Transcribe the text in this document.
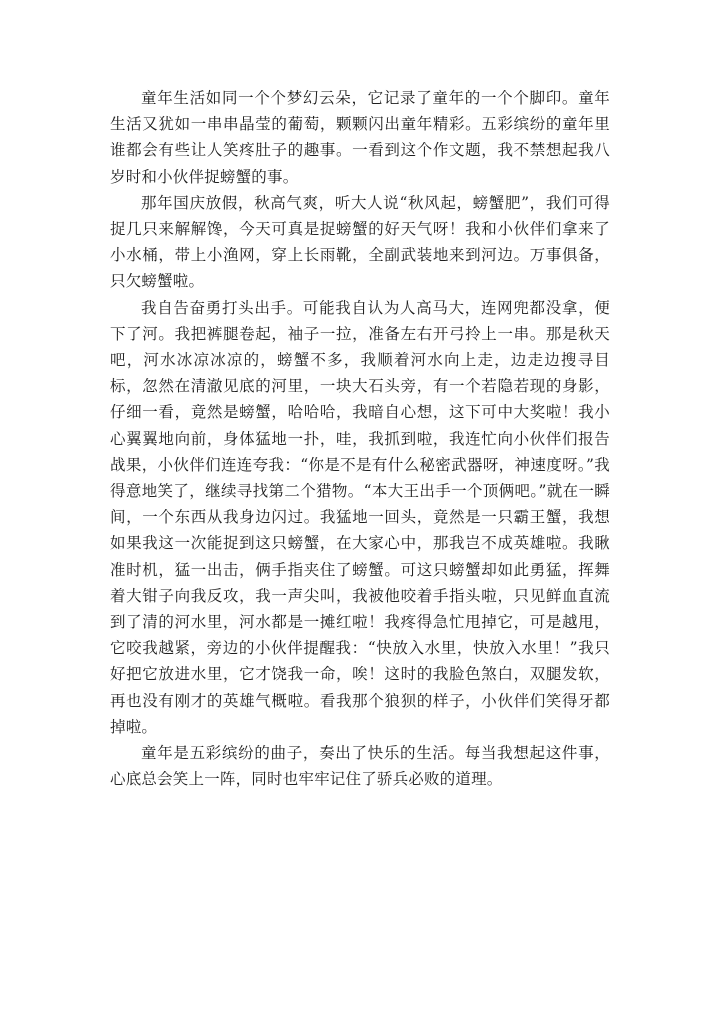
童年生活如同一个个梦幻云朵，它记录了童年的一个个脚印。童年生活又犹如一串串晶莹的葡萄，颗颗闪出童年精彩。五彩缤纷的童年里谁都会有些让人笑疼肚子的趣事。一看到这个作文题，我不禁想起我八岁时和小伙伴捉螃蟹的事。

那年国庆放假，秋高气爽，听大人说“秋风起，螃蟹肥”，我们可得捉几只来解解馋，今天可真是捉螃蟹的好天气呀！我和小伙伴们拿来了小水桶，带上小渔网，穿上长雨靴，全副武装地来到河边。万事俱备，只欠螃蟹啦。

我自告奋勇打头出手。可能我自认为人高马大，连网兜都没拿，便下了河。我把裤腿卷起，袖子一拉，准备左右开弓拎上一串。那是秋天吧，河水冰凉冰凉的，螃蟹不多，我顺着河水向上走，边走边搜寻目标，忽然在清澈见底的河里，一块大石头旁，有一个若隐若现的身影，仔细一看，竟然是螃蟹，哈哈哈，我暗自心想，这下可中大奖啦！我小心翼翼地向前，身体猛地一扑，哇，我抓到啦，我连忙向小伙伴们报告战果，小伙伴们连连夸我：“你是不是有什么秘密武器呀，神速度呀。”我得意地笑了，继续寻找第二个猎物。“本大王出手一个顶俩吧。”就在一瞬间，一个东西从我身边闪过。我猛地一回头，竟然是一只霸王蟹，我想如果我这一次能捉到这只螃蟹，在大家心中，那我岂不成英雄啦。我瞅准时机，猛一出击，俩手指夹住了螃蟹。可这只螃蟹却如此勇猛，挥舞着大钳子向我反攻，我一声尖叫，我被他咬着手指头啦，只见鲜血直流到了清的河水里，河水都是一摊红啦！我疼得急忙甩掉它，可是越甩，它咬我越紧，旁边的小伙伴提醒我：“快放入水里，快放入水里！”我只好把它放进水里，它才饶我一命，唉！这时的我脸色煞白，双腿发软，再也没有刚才的英雄气概啦。看我那个狼狈的样子，小伙伴们笑得牙都掉啦。

童年是五彩缤纷的曲子，奏出了快乐的生活。每当我想起这件事，心底总会笑上一阵，同时也牢牢记住了骄兵必败的道理。
